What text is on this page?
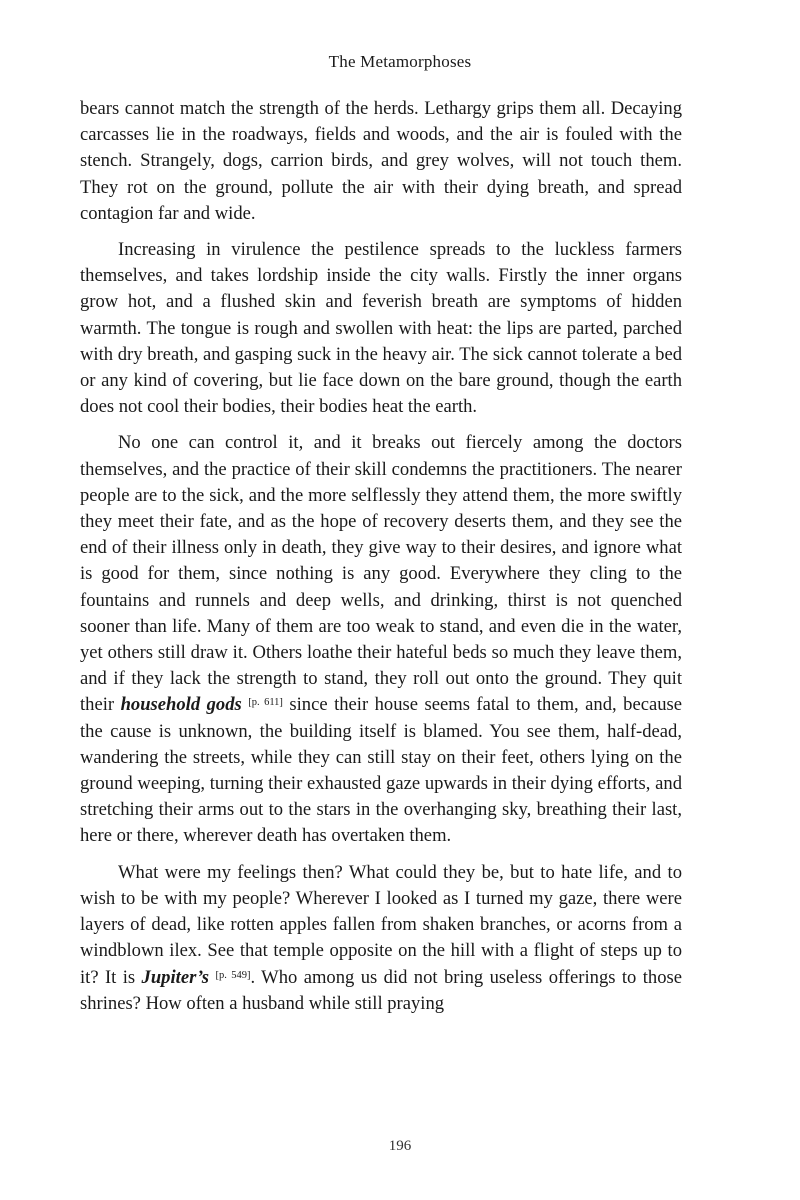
The Metamorphoses

bears cannot match the strength of the herds. Lethargy grips them all. Decaying carcasses lie in the roadways, fields and woods, and the air is fouled with the stench. Strangely, dogs, carrion birds, and grey wolves, will not touch them. They rot on the ground, pollute the air with their dying breath, and spread contagion far and wide.

Increasing in virulence the pestilence spreads to the luckless farmers themselves, and takes lordship inside the city walls. Firstly the inner organs grow hot, and a flushed skin and feverish breath are symptoms of hidden warmth. The tongue is rough and swollen with heat: the lips are parted, parched with dry breath, and gasping suck in the heavy air. The sick cannot tolerate a bed or any kind of covering, but lie face down on the bare ground, though the earth does not cool their bodies, their bodies heat the earth.

No one can control it, and it breaks out fiercely among the doctors themselves, and the practice of their skill condemns the practitioners. The nearer people are to the sick, and the more selflessly they attend them, the more swiftly they meet their fate, and as the hope of recovery deserts them, and they see the end of their illness only in death, they give way to their desires, and ignore what is good for them, since nothing is any good. Everywhere they cling to the fountains and runnels and deep wells, and drinking, thirst is not quenched sooner than life. Many of them are too weak to stand, and even die in the water, yet others still draw it. Others loathe their hateful beds so much they leave them, and if they lack the strength to stand, they roll out onto the ground. They quit their household gods [p. 611] since their house seems fatal to them, and, because the cause is unknown, the building itself is blamed. You see them, half-dead, wandering the streets, while they can still stay on their feet, others lying on the ground weeping, turning their exhausted gaze upwards in their dying efforts, and stretching their arms out to the stars in the overhanging sky, breathing their last, here or there, wherever death has overtaken them.

What were my feelings then? What could they be, but to hate life, and to wish to be with my people? Wherever I looked as I turned my gaze, there were layers of dead, like rotten apples fallen from shaken branches, or acorns from a windblown ilex. See that temple opposite on the hill with a flight of steps up to it? It is Jupiter’s [p. 549]. Who among us did not bring useless offerings to those shrines? How often a husband while still praying

196
